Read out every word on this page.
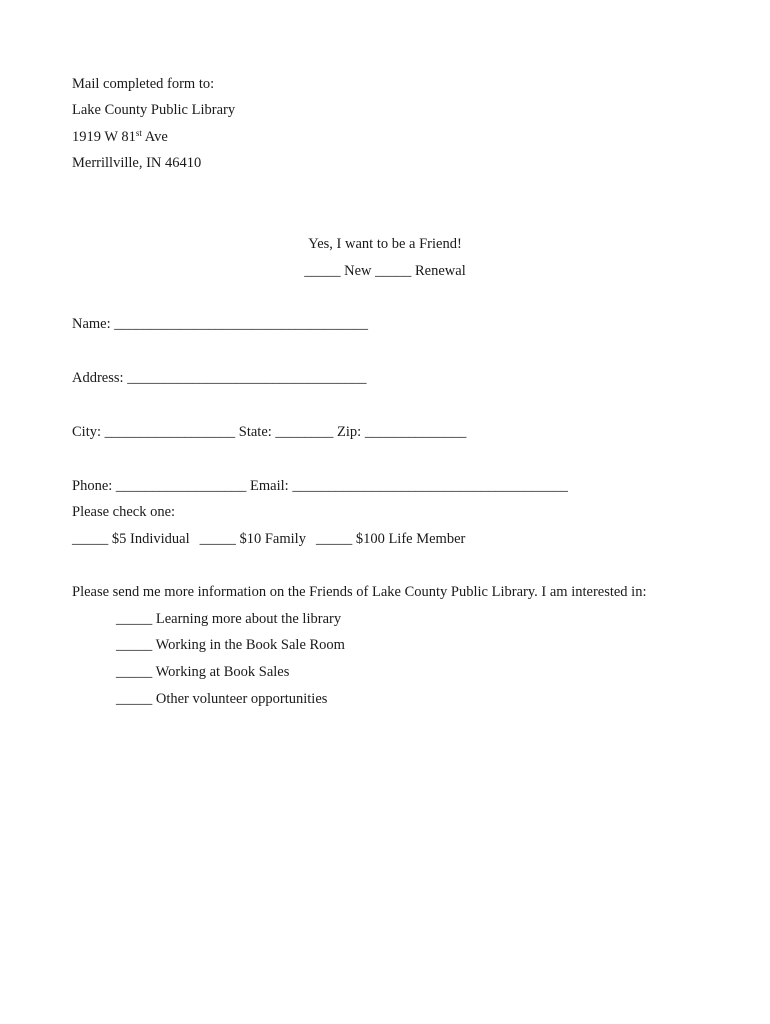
Mail completed form to:
Lake County Public Library
1919 W 81st Ave
Merrillville, IN 46410
Yes, I want to be a Friend!
_____ New _____ Renewal
Name: ___________________________________
Address: _________________________________
City: __________________ State: ________ Zip: ______________
Phone: __________________ Email: ______________________________________
Please check one:
_____ $5 Individual _____ $10 Family _____ $100 Life Member
Please send me more information on the Friends of Lake County Public Library. I am interested in:
_____ Learning more about the library
_____ Working in the Book Sale Room
_____ Working at Book Sales
_____ Other volunteer opportunities
